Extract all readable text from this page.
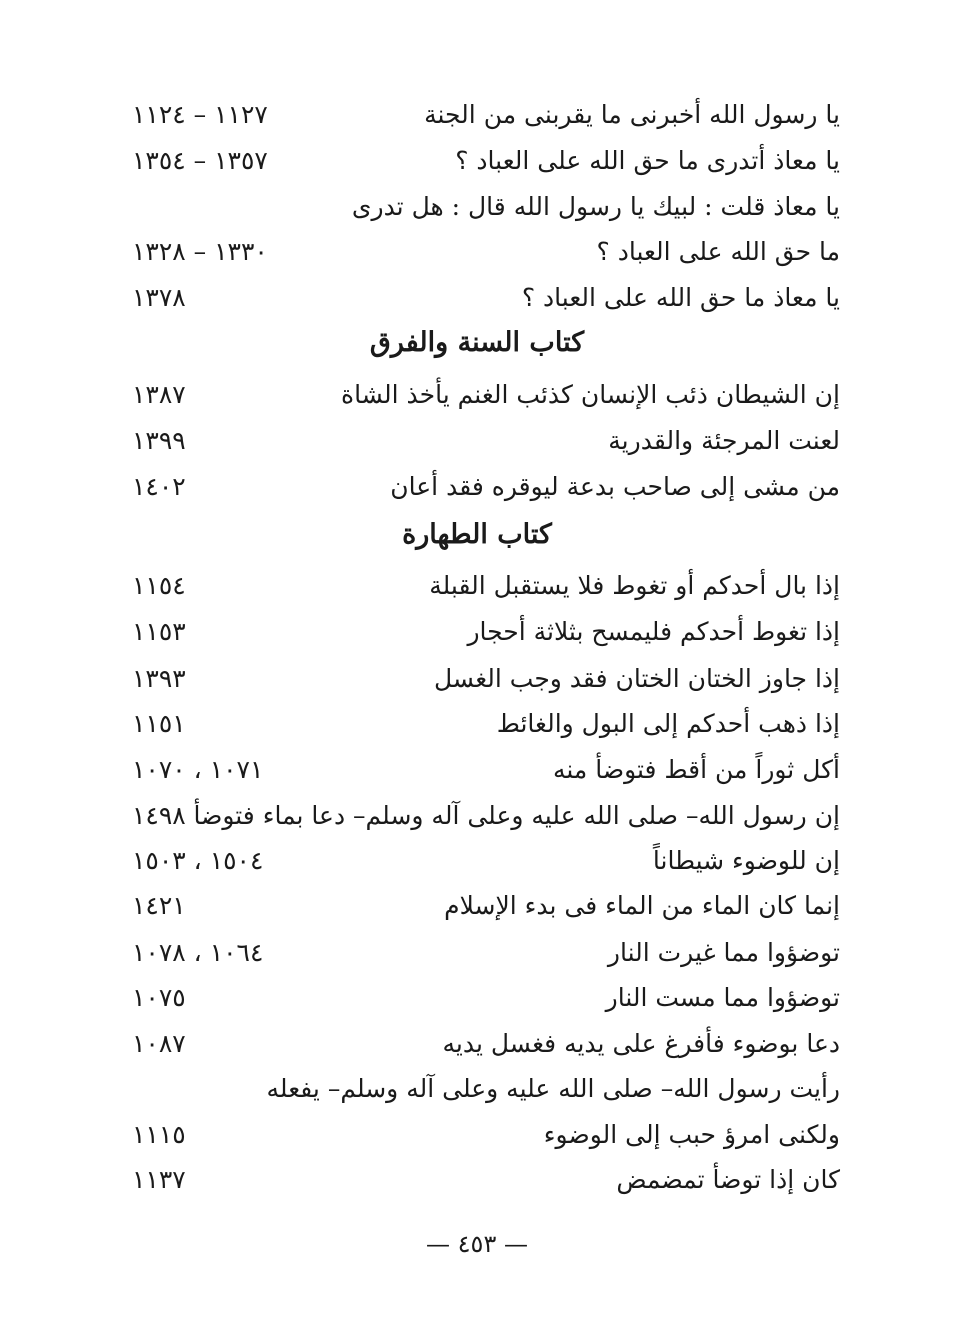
يا رسول الله أخبرنى ما يقربنى من الجنة
١١٢٧ – ١١٢٤
يا معاذ أتدرى ما حق الله على العباد ؟
١٣٥٧ – ١٣٥٤
يا معاذ قلت : لبيك يا رسول الله قال : هل تدرى
ما حق الله على العباد ؟
١٣٣٠ – ١٣٢٨
يا معاذ ما حق الله على العباد ؟
١٣٧٨
كتاب السنة والفرق
إن الشيطان ذئب الإنسان كذئب الغنم يأخذ الشاة
١٣٨٧
لعنت المرجئة والقدرية
١٣٩٩
من مشى إلى صاحب بدعة ليوقره فقد أعان
١٤٠٢
كتاب الطهارة
إذا بال أحدكم أو تغوط فلا يستقبل القبلة
١١٥٤
إذا تغوط أحدكم فليمسح بثلاثة أحجار
١١٥٣
إذا جاوز الختان الختان فقد وجب الغسل
١٣٩٣
إذا ذهب أحدكم إلى البول والغائط
١١٥١
أكل ثوراً من أقط فتوضأ منه
١٠٧١ ، ١٠٧٠
إن رسول الله– صلى الله عليه وعلى آله وسلم– دعا بماء فتوضأ
١٤٩٨
إن للوضوء شيطاناً
١٥٠٤ ، ١٥٠٣
إنما كان الماء من الماء فى بدء الإسلام
١٤٢١
توضؤوا مما غيرت النار
١٠٦٤ ، ١٠٧٨
توضؤوا مما مست النار
١٠٧٥
دعا بوضوء فأفرغ على يديه فغسل يديه
١٠٨٧
رأيت رسول الله– صلى الله عليه وعلى آله وسلم– يفعله
ولكنى امرؤ حبب إلى الوضوء
١١١٥
كان إذا توضأ تمضمض
١١٣٧
— ٤٥٣ —
